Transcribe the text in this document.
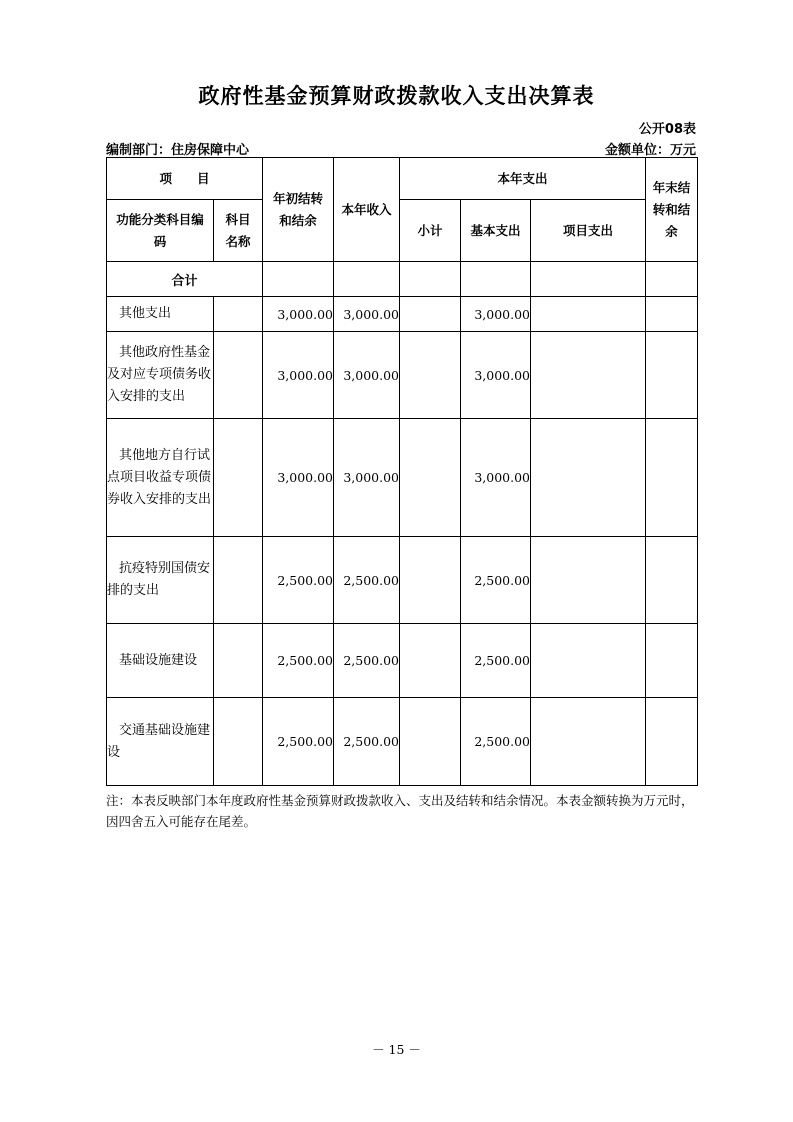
政府性基金预算财政拨款收入支出决算表
公开08表
编制部门：住房保障中心	金额单位：万元
项　　目		年初结转和结余	本年收入	本年支出			年末结转和结余

功能分类科目编码	科目名称			小计	基本支出	项目支出	
合计							
其他支出		3,000.00	3,000.00		3,000.00		
其他政府性基金及对应专项债务收入安排的支出		3,000.00	3,000.00		3,000.00		
其他地方自行试点项目收益专项债券收入安排的支出		3,000.00	3,000.00		3,000.00		
抗疫特别国债安排的支出		2,500.00	2,500.00		2,500.00		
基础设施建设		2,500.00	2,500.00		2,500.00		
交通基础设施建设		2,500.00	2,500.00		2,500.00		
注：本表反映部门本年度政府性基金预算财政拨款收入、支出及结转和结余情况。本表金额转换为万元时，因四舍五入可能存在尾差。
－ 15 －
